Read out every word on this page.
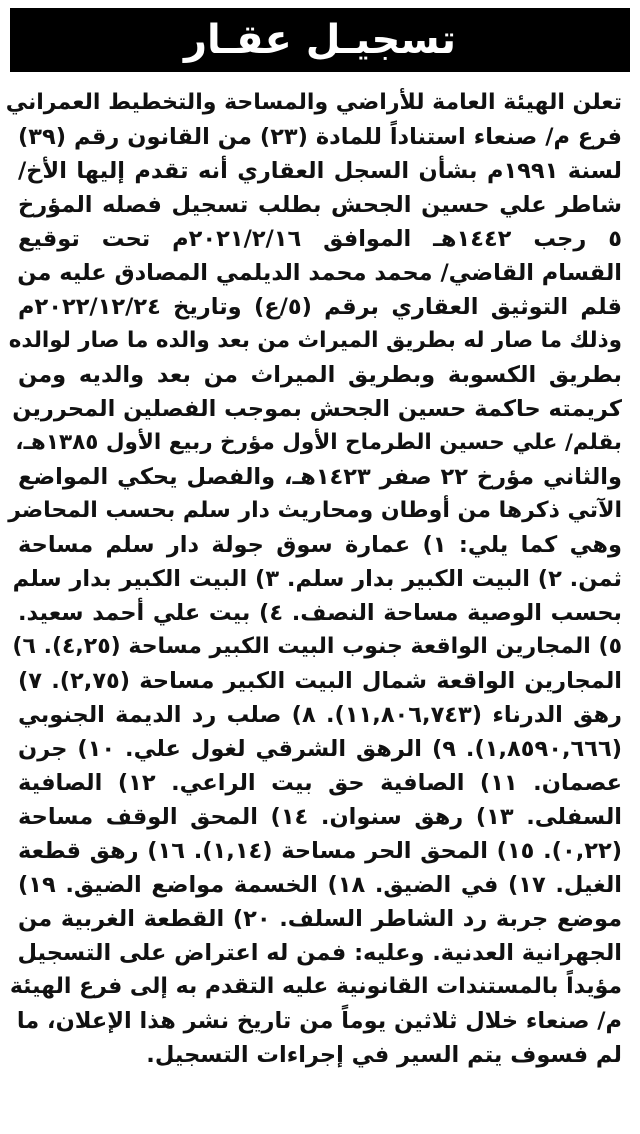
تسجيـل عقـار
تعلن الهيئة العامة للأراضي والمساحة والتخطيط العمراني
فرع م/ صنعاء استناداً للمادة (٢٣) من القانون رقم (٣٩)
لسنة ١٩٩١م بشأن السجل العقاري أنه تقدم إليها الأخ/
شاطر علي حسين الجحش بطلب تسجيل فصله المؤرخ
٥ رجب ١٤٤٢هـ الموافق ٢٠٢١/٢/١٦م تحت توقيع
القسام القاضي/ محمد محمد الديلمي المصادق عليه من
قلم التوثيق العقاري برقم (٥/ع) وتاريخ ٢٠٢٢/١٢/٢٤م
وذلك ما صار له بطريق الميراث من بعد والده ما صار لوالده
بطريق الكسوبة وبطريق الميراث من بعد والديه ومن
كريمته حاكمة حسين الجحش بموجب الفصلين المحررين
بقلم/ علي حسين الطرماح الأول مؤرخ ربيع الأول ١٣٨٥هـ،
والثاني مؤرخ ٢٢ صفر ١٤٢٣هـ، والفصل يحكي المواضع
الآتي ذكرها من أوطان ومحاريث دار سلم بحسب المحاضر
وهي كما يلي: ١) عمارة سوق جولة دار سلم مساحة
ثمن. ٢) البيت الكبير بدار سلم. ٣) البيت الكبير بدار سلم
بحسب الوصية مساحة النصف. ٤) بيت علي أحمد سعيد.
٥) المجارين الواقعة جنوب البيت الكبير مساحة (٤,٢٥). ٦)
المجارين الواقعة شمال البيت الكبير مساحة (٢,٧٥). ٧)
رهق الدرناء (١١,٨٠٦,٧٤٣). ٨) صلب رد الديمة الجنوبي
(١,٨٥٩٠,٦٦٦). ٩) الرهق الشرقي لغول علي. ١٠) جرن
عصمان. ١١) الصافية حق بيت الراعي. ١٢) الصافية
السفلى. ١٣) رهق سنوان. ١٤) المحق الوقف مساحة
(٠,٢٢). ١٥) المحق الحر مساحة (١,١٤). ١٦) رهق قطعة
الغيل. ١٧) في الضيق. ١٨) الخسمة مواضع الضيق. ١٩)
موضع جربة رد الشاطر السلف. ٢٠) القطعة الغربية من
الجهرانية العدنية. وعليه: فمن له اعتراض على التسجيل
مؤيداً بالمستندات القانونية عليه التقدم به إلى فرع الهيئة
م/ صنعاء خلال ثلاثين يوماً من تاريخ نشر هذا الإعلان، ما
لم فسوف يتم السير في إجراءات التسجيل.
